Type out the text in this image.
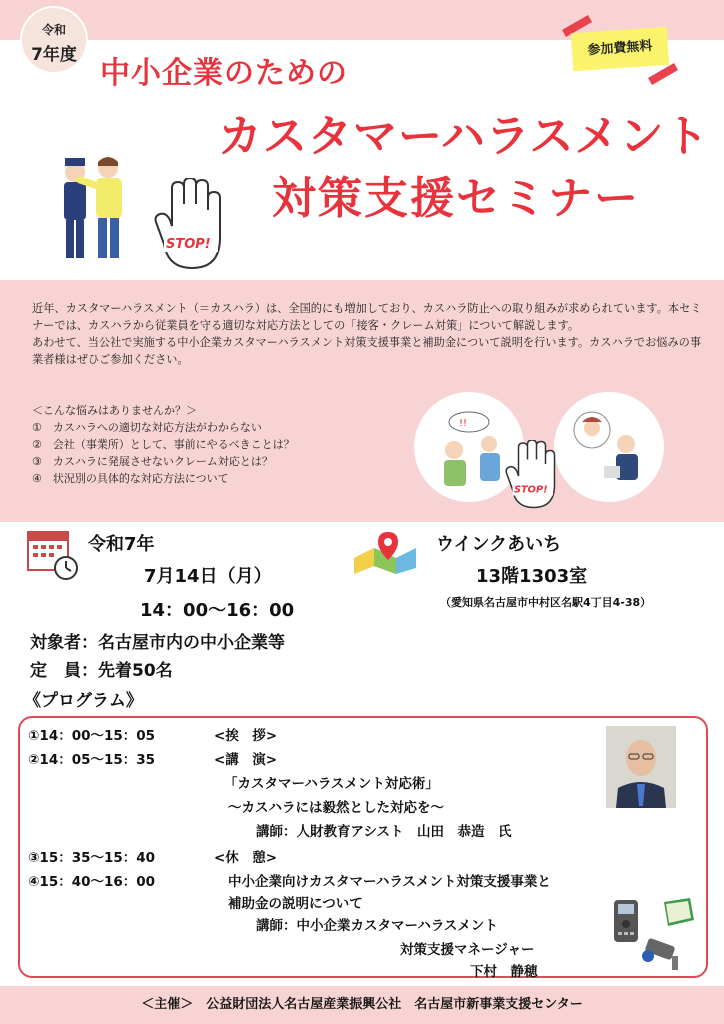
令和
7年度	参加費無料
中小企業のための
カスタマーハラスメント
対策支援セミナー
STOP!

近年、カスタマーハラスメント（＝カスハラ）は、全国的にも増加しており、カスハラ防止への取り組みが求められています。本セミナーでは、カスハラから従業員を守る適切な対応方法としての「接客・クレーム対策」について解説します。

あわせて、当公社で実施する中小企業カスタマーハラスメント対策支援事業と補助金について説明を行います。カスハラでお悩みの事業者様はぜひご参加ください。

＜こんな悩みはありませんか？＞
①　カスハラへの適切な対応方法がわからない
②　会社（事業所）として、事前にやるべきことは？
③　カスハラに発展させないクレーム対応とは？
④　状況別の具体的な対応方法について
!!
STOP!
令和7年
7月14日（月）
14：00～16：00
ウインクあいち
13階1303室
（愛知県名古屋市中村区名駅4丁目4-38）
対象者：名古屋市内の中小企業等
定　員：先着50名
《プログラム》
①14：00～15：05	<挨　拶>
②14：05～15：35	<講　演>
「カスタマーハラスメント対応術」
～カスハラには毅然とした対応を～
講師：人財教育アシスト　山田　恭造　氏
③15：35～15：40	<休　憩>
④15：40～16：00	中小企業向けカスタマーハラスメント対策支援事業と
補助金の説明について
講師：中小企業カスタマーハラスメント
対策支援マネージャー
下村　静穂
＜主催＞　公益財団法人名古屋産業振興公社　名古屋市新事業支援センター
